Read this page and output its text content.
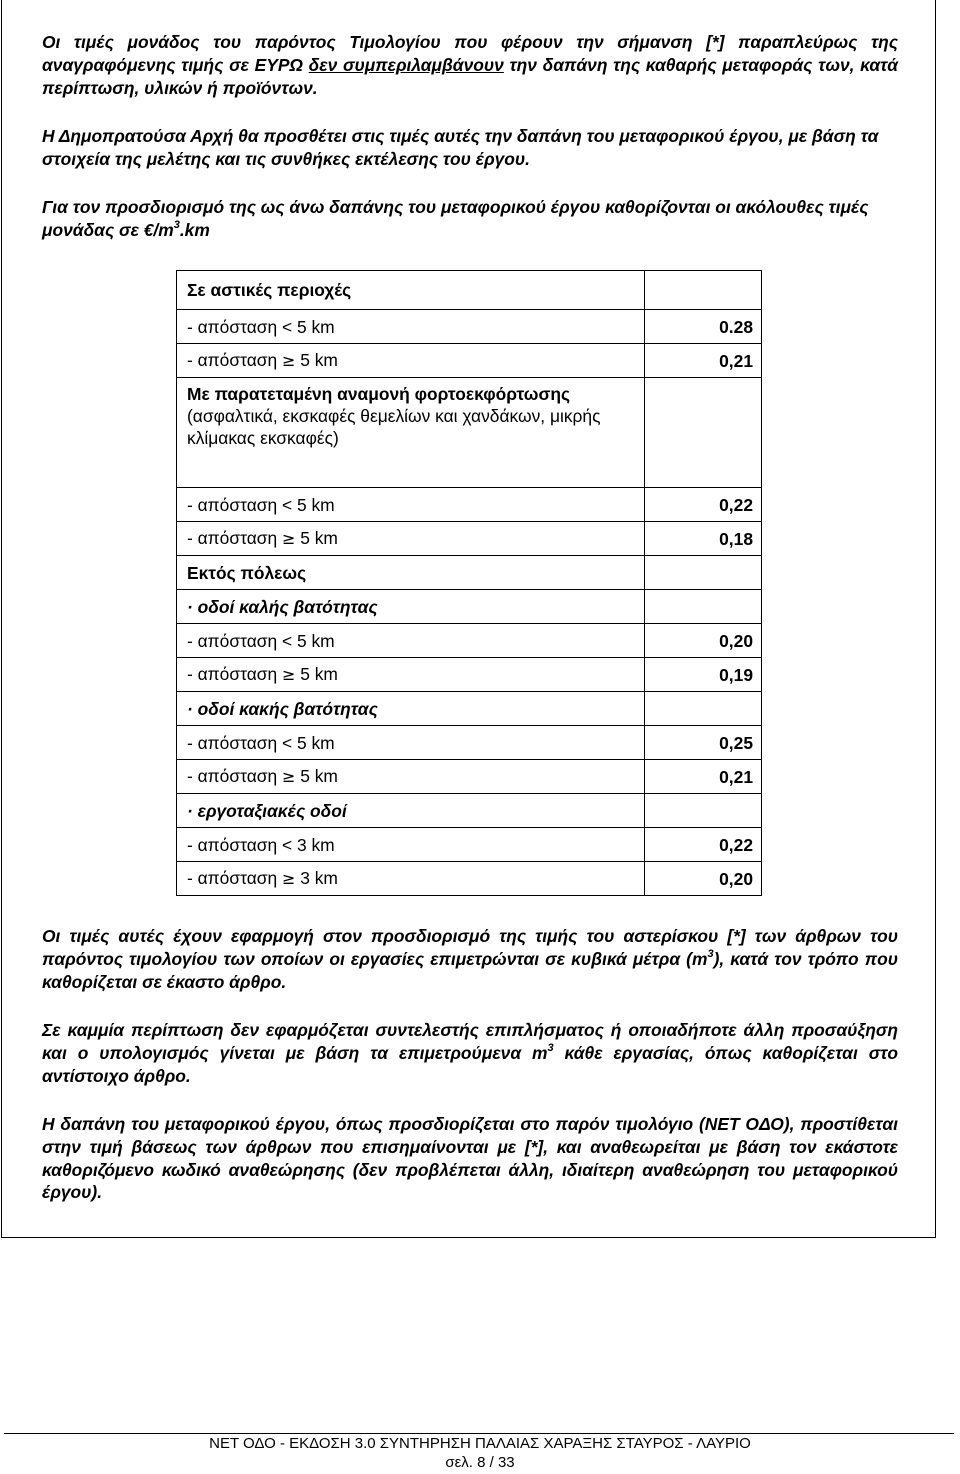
Οι τιμές μονάδος του παρόντος Τιμολογίου που φέρουν την σήμανση [*] παραπλεύρως της αναγραφόμενης τιμής σε ΕΥΡΩ δεν συμπεριλαμβάνουν την δαπάνη της καθαρής μεταφοράς των, κατά περίπτωση, υλικών ή προϊόντων.

Η Δημοπρατούσα Αρχή θα προσθέτει στις τιμές αυτές την δαπάνη του μεταφορικού έργου, με βάση τα στοιχεία της μελέτης και τις συνθήκες εκτέλεσης του έργου.

Για τον προσδιορισμό της ως άνω δαπάνης του μεταφορικού έργου καθορίζονται οι ακόλουθες τιμές μονάδας σε $€/m^3.km$

Σε αστικές περιοχές	
- απόσταση < 5 km	0.28
- απόσταση ≥ 5 km	0,21
Με παρατεταμένη αναμονή φορτοεκφόρτωσης (ασφαλτικά, εκσκαφές θεμελίων και χανδάκων, μικρής κλίμακας εκσκαφές)	
- απόσταση < 5 km	0,22
- απόσταση ≥ 5 km	0,18
Εκτός πόλεως	
· οδοί καλής βατότητας	
- απόσταση < 5 km	0,20
- απόσταση ≥ 5 km	0,19
· οδοί κακής βατότητας	
- απόσταση < 5 km	0,25
- απόσταση ≥ 5 km	0,21
· εργοταξιακές οδοί	
- απόσταση < 3 km	0,22
- απόσταση ≥ 3 km	0,20

Οι τιμές αυτές έχουν εφαρμογή στον προσδιορισμό της τιμής του αστερίσκου [*] των άρθρων του παρόντος τιμολογίου των οποίων οι εργασίες επιμετρώνται σε κυβικά μέτρα $(m^3)$, κατά τον τρόπο που καθορίζεται σε έκαστο άρθρο.

Σε καμμία περίπτωση δεν εφαρμόζεται συντελεστής επιπλήσματος ή οποιαδήποτε άλλη προσαύξηση και ο υπολογισμός γίνεται με βάση τα επιμετρούμενα $m^3$ κάθε εργασίας, όπως καθορίζεται στο αντίστοιχο άρθρο.

Η δαπάνη του μεταφορικού έργου, όπως προσδιορίζεται στο παρόν τιμολόγιο (ΝΕΤ ΟΔΟ), προστίθεται στην τιμή βάσεως των άρθρων που επισημαίνονται με [*], και αναθεωρείται με βάση τον εκάστοτε καθοριζόμενο κωδικό αναθεώρησης (δεν προβλέπεται άλλη, ιδιαίτερη αναθεώρηση του μεταφορικού έργου).

ΝΕΤ ΟΔΟ - ΕΚΔΟΣΗ 3.0 ΣΥΝΤΗΡΗΣΗ ΠΑΛΑΙΑΣ ΧΑΡΑΞΗΣ ΣΤΑΥΡΟΣ - ΛΑΥΡΙΟ
σελ. 8 / 33
